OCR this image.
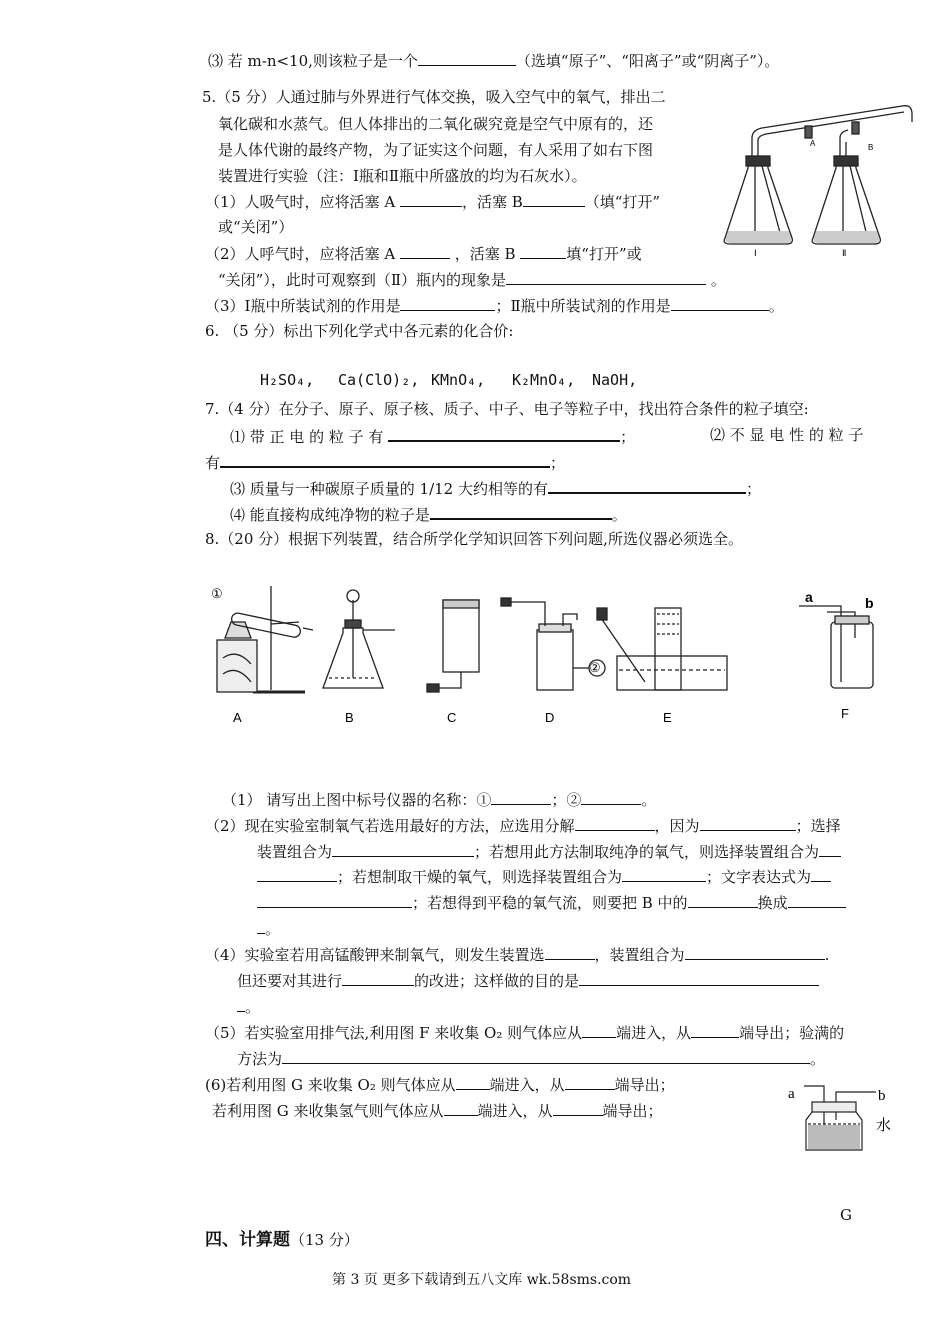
⑶ 若 m-n<10,则该粒子是一个	（选填“原子”、“阳离子”或“阴离子”）。
5.（5 分）人通过肺与外界进行气体交换，吸入空气中的氧气，排出二
氧化碳和水蒸气。但人体排出的二氧化碳究竟是空气中原有的，还
是人体代谢的最终产物，为了证实这个问题，有人采用了如右下图
装置进行实验（注：Ⅰ瓶和Ⅱ瓶中所盛放的均为石灰水）。
（1）人吸气时，应将活塞 A	，活塞 B	（填“打开”
或“关闭”）
（2）人呼气时，应将活塞 A	，活塞 B	填“打开”或
“关闭”），此时可观察到（Ⅱ）瓶内的现象是	。
（3）Ⅰ瓶中所装试剂的作用是	；Ⅱ瓶中所装试剂的作用是	。
A	B
Ⅰ	Ⅱ
6. （5 分）标出下列化学式中各元素的化合价:
H₂SO₄, Ca(ClO)₂, KMnO₄, K₂MnO₄, NaOH,
7.（4 分）在分子、原子、原子核、质子、中子、电子等粒子中，找出符合条件的粒子填空:
⑴ 带 正 电 的 粒 子 有	；	⑵ 不 显 电 性 的 粒 子
有	；
⑶ 质量与一种碳原子质量的 1/12 大约相等的有	；
⑷ 能直接构成纯净物的粒子是	。
8.（20 分）根据下列装置，结合所学化学知识回答下列问题,所选仪器必须选全。
①
②
a	b
A	B	C	D	E	F
（1） 请写出上图中标号仪器的名称：①	；②	。
（2）现在实验室制氧气若选用最好的方法，应选用分解	，因为	；选择
装置组合为	；若想用此方法制取纯净的氧气，则选择装置组合为
；若想制取干燥的氧气，则选择装置组合为	；文字表达式为
；若想得到平稳的氧气流，则要把 B 中的	换成
。
（4）实验室若用高锰酸钾来制氧气，则发生装置选	，装置组合为	.
但还要对其进行	的改进；这样做的目的是
。
（5）若实验室用排气法,利用图 F 来收集 O₂ 则气体应从 端进入，从	端导出；验满的
方法为	。
(6)若利用图 G 来收集 O₂ 则气体应从 端进入，从	端导出；
若利用图 G 来收集氢气则气体应从 端进入，从	端导出；
a	b
水
G
四、计算题（13 分）
第 3 页 更多下载请到五八文库 wk.58sms.com
